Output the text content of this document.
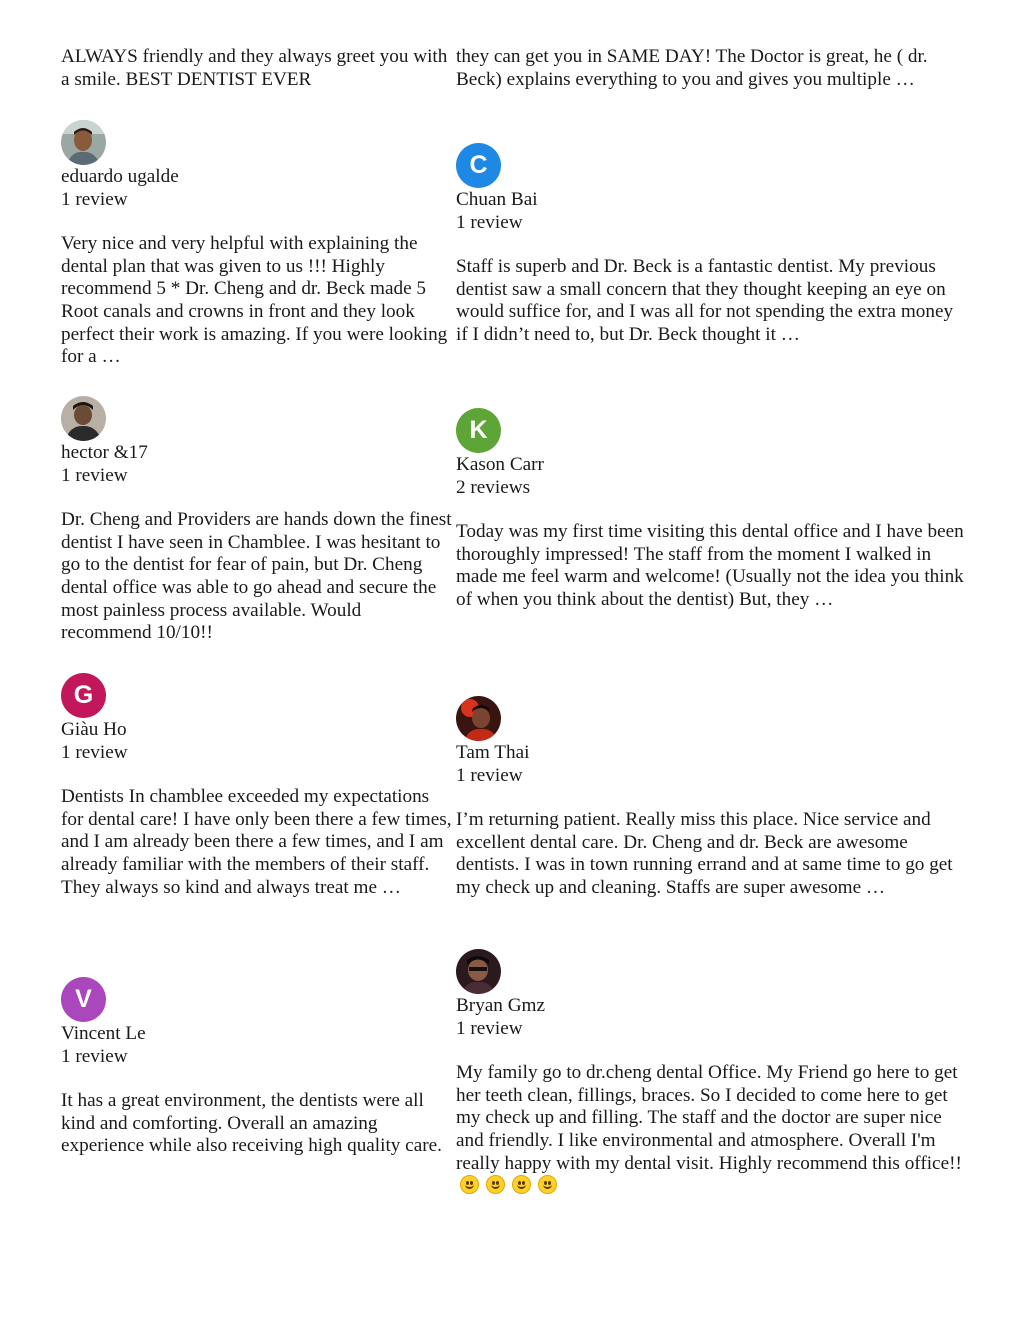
ALWAYS friendly and they always greet you with a smile. BEST DENTIST EVER

eduardo ugalde

1 review

Very nice and very helpful with explaining the dental plan that was given to us !!! Highly recommend 5 * Dr. Cheng and dr. Beck made 5 Root canals and crowns in front and they look perfect their work is amazing. If you were looking for a …

hector &17

1 review

Dr. Cheng and Providers are hands down the finest dentist I have seen in Chamblee. I was hesitant to go to the dentist for fear of pain, but Dr. Cheng dental office was able to go ahead and secure the most painless process available. Would recommend 10/10!!

G

Giàu Ho

1 review

Dentists In chamblee exceeded my expectations for dental care! I have only been there a few times, and I am already been there a few times, and I am already familiar with the members of their staff. They always so kind and always treat me …

V

Vincent Le

1 review

It has a great environment, the dentists were all kind and comforting. Overall an amazing experience while also receiving high quality care.

they can get you in SAME DAY! The Doctor is great, he ( dr. Beck) explains everything to you and gives you multiple …

C

Chuan Bai

1 review

Staff is superb and Dr. Beck is a fantastic dentist. My previous dentist saw a small concern that they thought keeping an eye on would suffice for, and I was all for not spending the extra money if I didn’t need to, but Dr. Beck thought it …

K

Kason Carr

2 reviews

Today was my first time visiting this dental office and I have been thoroughly impressed! The staff from the moment I walked in made me feel warm and welcome! (Usually not the idea you think of when you think about the dentist) But, they …

Tam Thai

1 review

I’m returning patient. Really miss this place. Nice service and excellent dental care. Dr. Cheng and dr. Beck are awesome dentists. I was in town running errand and at same time to go get my check up and cleaning. Staffs are super awesome …

Bryan Gmz

1 review

My family go to dr.cheng dental Office. My Friend go here to get her teeth clean, fillings, braces. So I decided to come here to get my check up and filling. The staff and the doctor are super nice and friendly. I like environmental and atmosphere. Overall I'm really happy with my dental visit. Highly recommend this office!!
